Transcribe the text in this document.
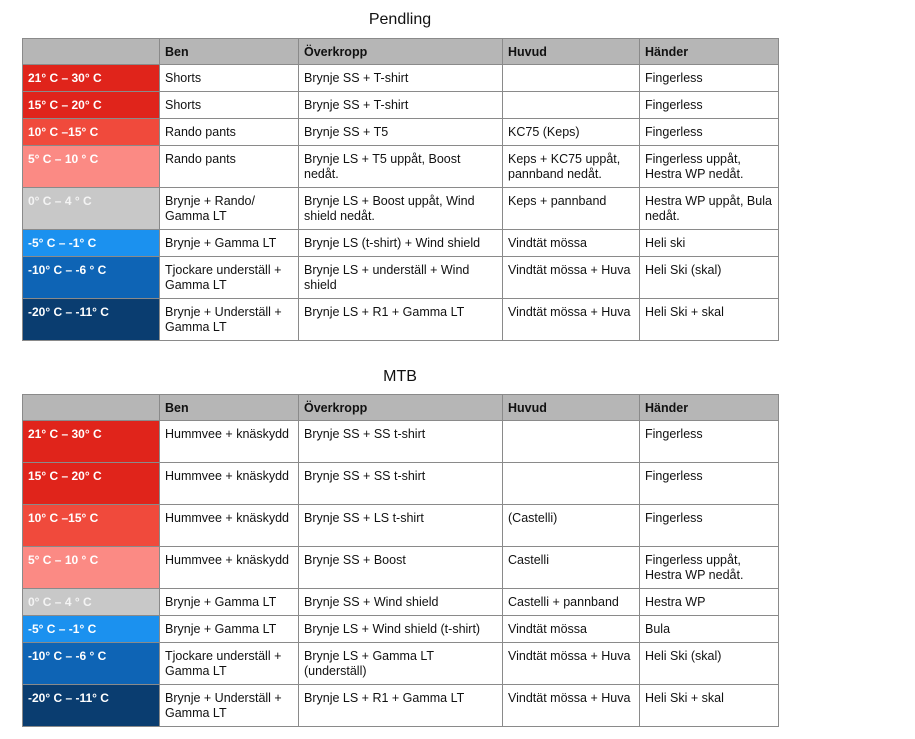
Pendling
	Ben	Överkropp	Huvud	Händer
21° C – 30° C	Shorts	Brynje SS + T-shirt		Fingerless
15° C – 20° C	Shorts	Brynje SS + T-shirt		Fingerless
10° C –15° C	Rando pants	Brynje SS + T5	KC75 (Keps)	Fingerless
5° C – 10 ° C	Rando pants	Brynje LS + T5 uppåt, Boost nedåt.	Keps + KC75 uppåt, pannband nedåt.	Fingerless uppåt, Hestra WP nedåt.
0° C – 4 ° C	Brynje + Rando/ Gamma LT	Brynje LS + Boost uppåt, Wind shield nedåt.	Keps + pannband	Hestra WP uppåt, Bula nedåt.
-5° C – -1° C	Brynje + Gamma LT	Brynje LS (t-shirt) + Wind shield	Vindtät mössa	Heli ski
-10° C – -6 ° C	Tjockare underställ + Gamma LT	Brynje LS + underställ + Wind shield	Vindtät mössa + Huva	Heli Ski (skal)
-20° C – -11° C	Brynje + Underställ + Gamma LT	Brynje LS + R1 + Gamma LT	Vindtät mössa + Huva	Heli Ski + skal
MTB
	Ben	Överkropp	Huvud	Händer
21° C – 30° C	Hummvee + knäskydd	Brynje SS + SS t-shirt		Fingerless
15° C – 20° C	Hummvee + knäskydd	Brynje SS + SS t-shirt		Fingerless
10° C –15° C	Hummvee + knäskydd	Brynje SS + LS t-shirt	(Castelli)	Fingerless
5° C – 10 ° C	Hummvee + knäskydd	Brynje SS + Boost	Castelli	Fingerless uppåt, Hestra WP nedåt.
0° C – 4 ° C	Brynje + Gamma LT	Brynje SS + Wind shield	Castelli + pannband	Hestra WP
-5° C – -1° C	Brynje + Gamma LT	Brynje LS + Wind shield (t-shirt)	Vindtät mössa	Bula
-10° C – -6 ° C	Tjockare underställ + Gamma LT	Brynje LS + Gamma LT (underställ)	Vindtät mössa + Huva	Heli Ski (skal)
-20° C – -11° C	Brynje + Underställ + Gamma LT	Brynje LS + R1 + Gamma LT	Vindtät mössa + Huva	Heli Ski + skal
